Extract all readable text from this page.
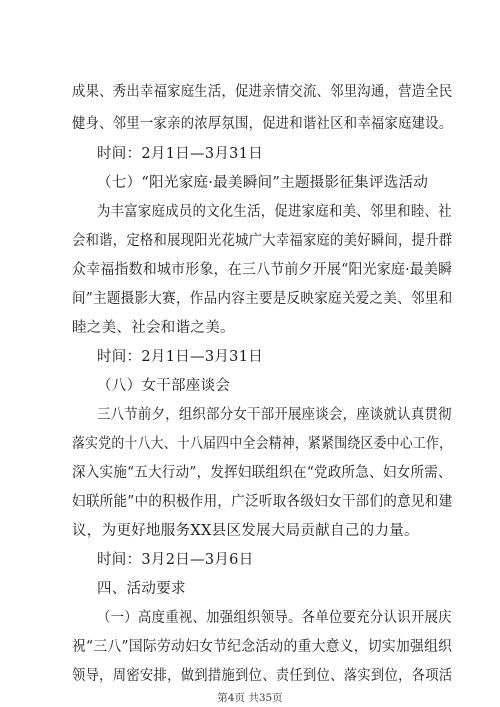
成果、秀出幸福家庭生活，促进亲情交流、邻里沟通，营造全民
健身、邻里一家亲的浓厚氛围，促进和谐社区和幸福家庭建设。
时间：2月1日—3月31日
（七）“阳光家庭·最美瞬间”主题摄影征集评选活动
为丰富家庭成员的文化生活，促进家庭和美、邻里和睦、社
会和谐，定格和展现阳光花城广大幸福家庭的美好瞬间，提升群
众幸福指数和城市形象，在三八节前夕开展“阳光家庭·最美瞬
间”主题摄影大赛，作品内容主要是反映家庭关爱之美、邻里和
睦之美、社会和谐之美。
时间：2月1日—3月31日
（八）女干部座谈会
三八节前夕，组织部分女干部开展座谈会，座谈就认真贯彻
落实党的十八大、十八届四中全会精神，紧紧围绕区委中心工作，
深入实施“五大行动”，发挥妇联组织在“党政所急、妇女所需、
妇联所能”中的积极作用，广泛听取各级妇女干部们的意见和建
议，为更好地服务XX县区发展大局贡献自己的力量。
时间：3月2日—3月6日
四、活动要求
（一）高度重视、加强组织领导。各单位要充分认识开展庆
祝“三八”国际劳动妇女节纪念活动的重大意义，切实加强组织
领导，周密安排，做到措施到位、责任到位、落实到位，各项活
第4页 共35页
